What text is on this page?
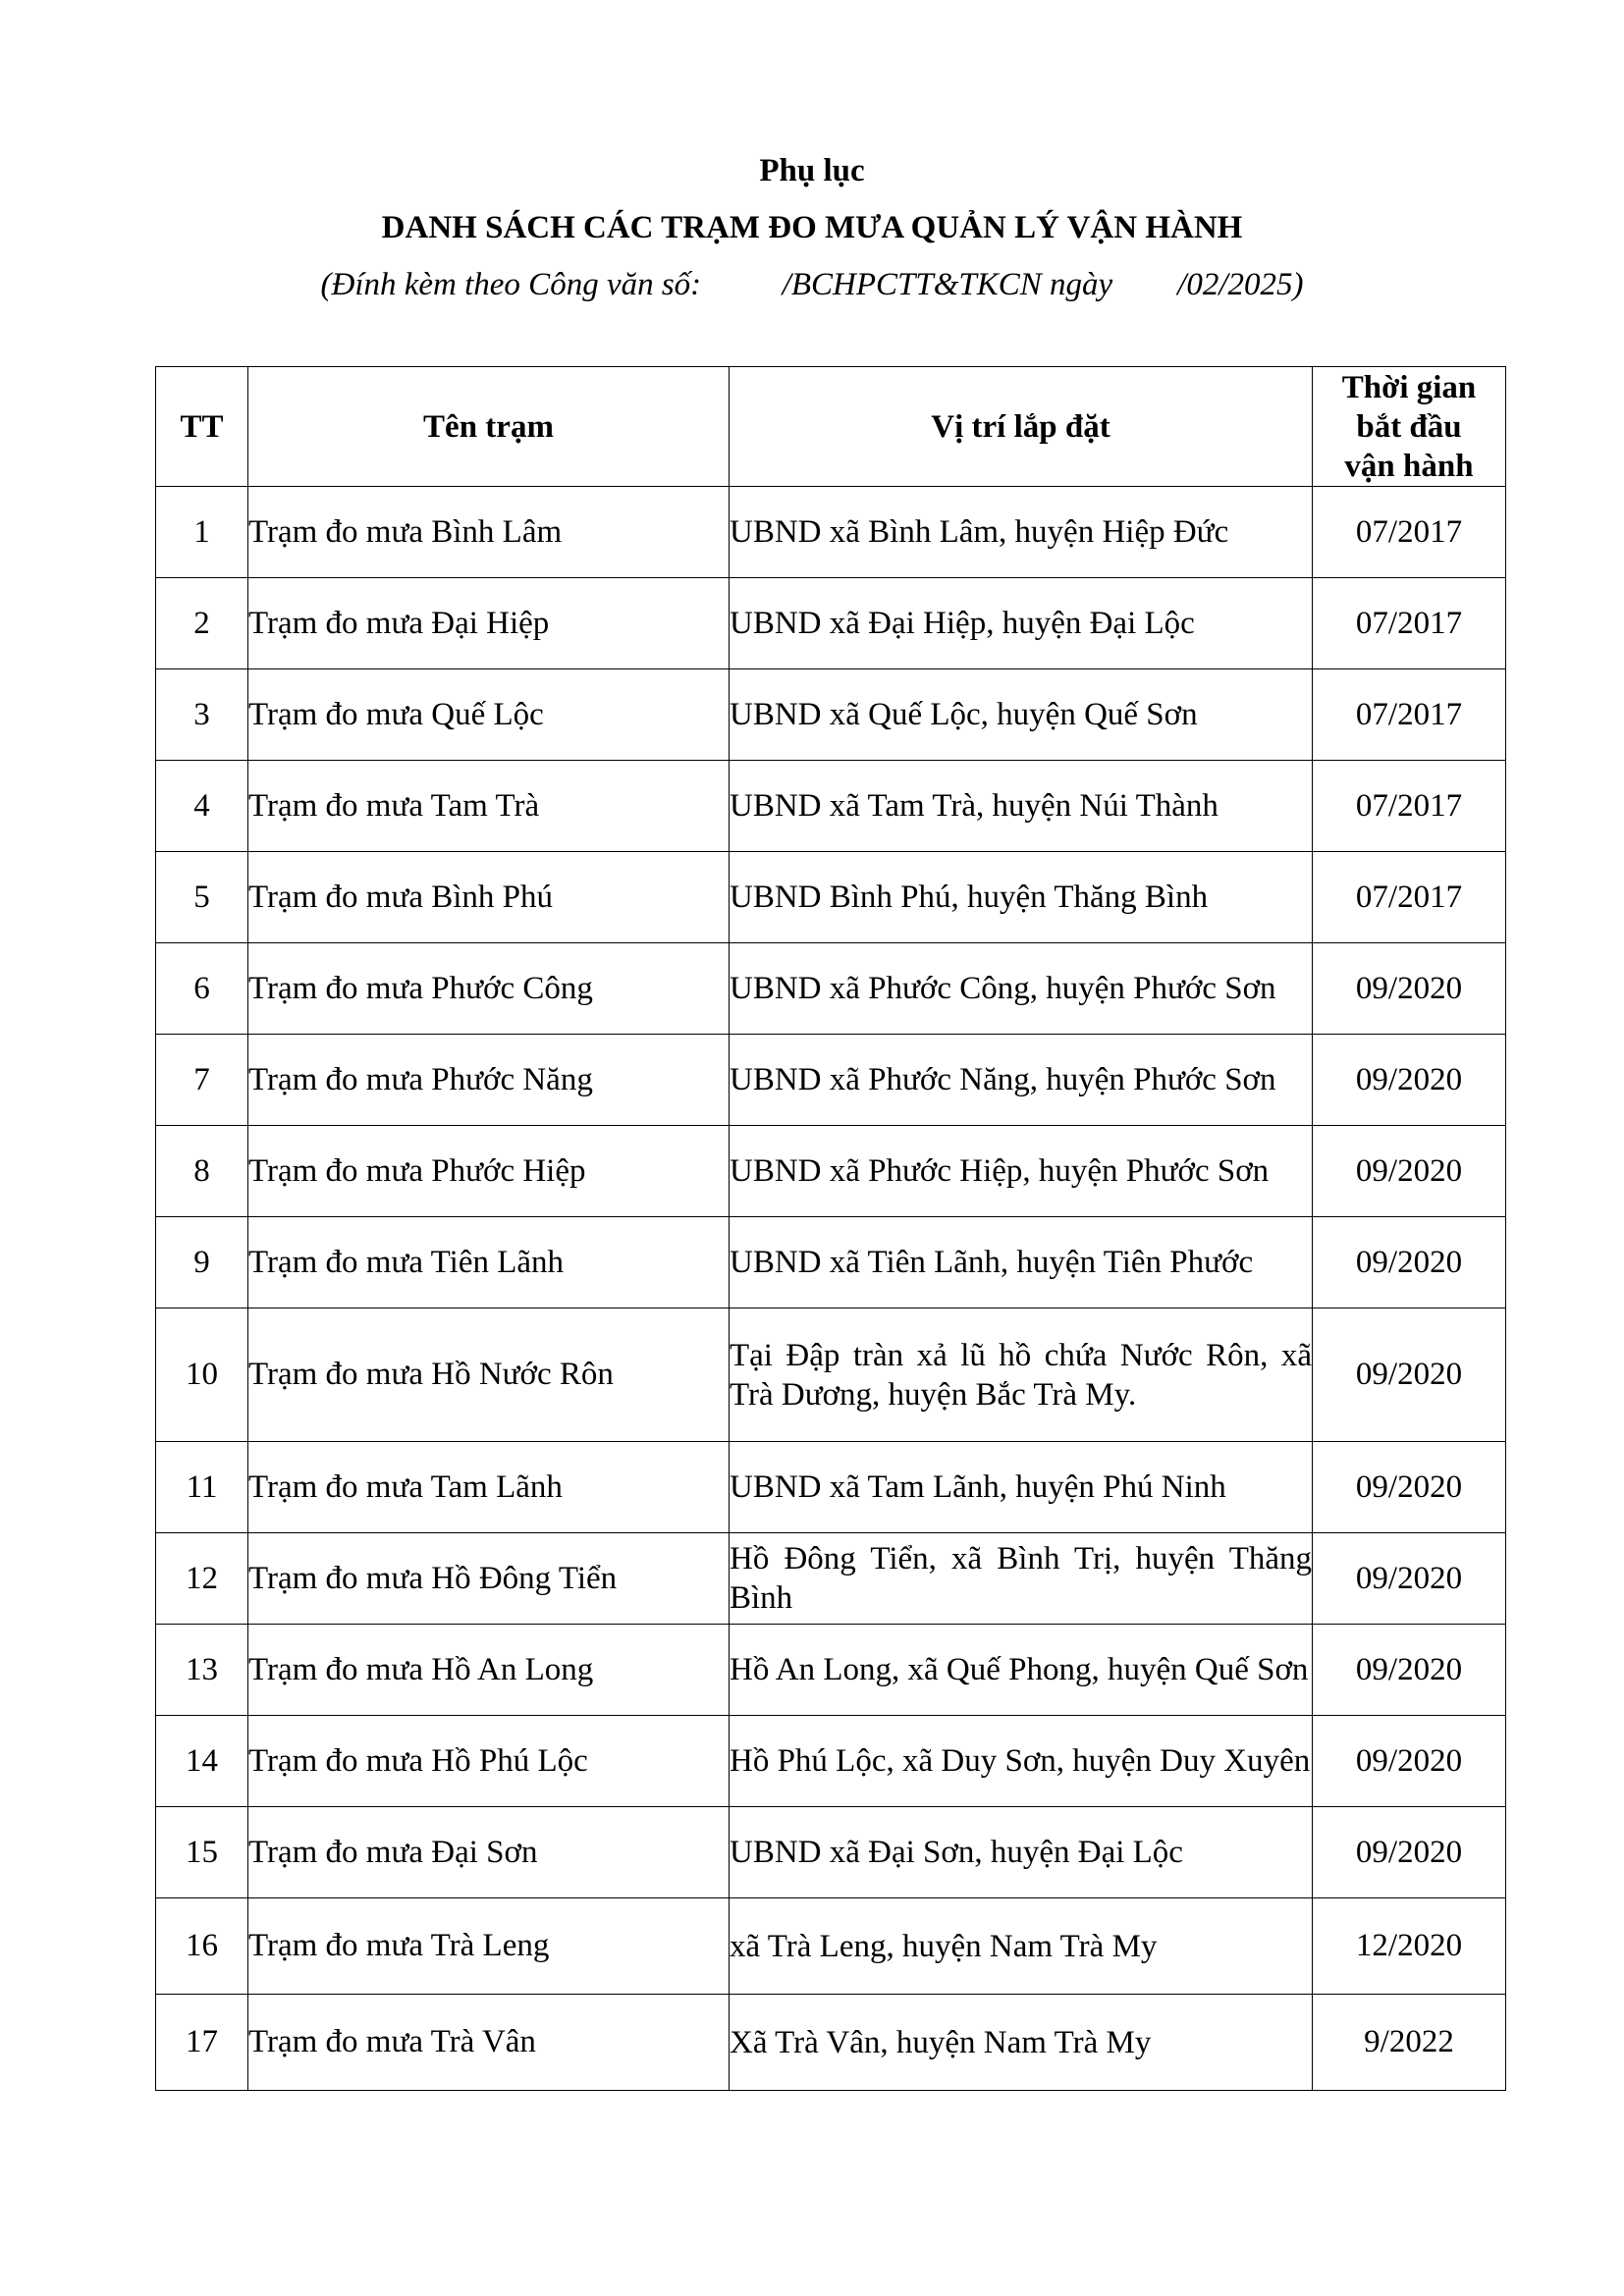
Phụ lục
DANH SÁCH CÁC TRẠM ĐO MƯA QUẢN LÝ VẬN HÀNH
(Đính kèm theo Công văn số:	/BCHPCTT&TKCN ngày /02/2025)
TT	Tên trạm	Vị trí lắp đặt	Thời gian
bắt đầu
vận hành
1	Trạm đo mưa Bình Lâm	UBND xã Bình Lâm, huyện Hiệp Đức	07/2017
2	Trạm đo mưa Đại Hiệp	UBND xã Đại Hiệp, huyện Đại Lộc	07/2017
3	Trạm đo mưa Quế Lộc	UBND xã Quế Lộc, huyện Quế Sơn	07/2017
4	Trạm đo mưa Tam Trà	UBND xã Tam Trà, huyện Núi Thành	07/2017
5	Trạm đo mưa Bình Phú	UBND Bình Phú, huyện Thăng Bình	07/2017
6	Trạm đo mưa Phước Công	UBND xã Phước Công, huyện Phước Sơn	09/2020
7	Trạm đo mưa Phước Năng	UBND xã Phước Năng, huyện Phước Sơn	09/2020
8	Trạm đo mưa Phước Hiệp	UBND xã Phước Hiệp, huyện Phước Sơn	09/2020
9	Trạm đo mưa Tiên Lãnh	UBND xã Tiên Lãnh, huyện Tiên Phước	09/2020
10	Trạm đo mưa Hồ Nước Rôn	Tại Đập tràn xả lũ hồ chứa Nước Rôn, xã Trà Dương, huyện Bắc Trà My.	09/2020
11	Trạm đo mưa Tam Lãnh	UBND xã Tam Lãnh, huyện Phú Ninh	09/2020
12	Trạm đo mưa Hồ Đông Tiển	Hồ Đông Tiển, xã Bình Trị, huyện Thăng Bình	09/2020
13	Trạm đo mưa Hồ An Long	Hồ An Long, xã Quế Phong, huyện Quế Sơn	09/2020
14	Trạm đo mưa Hồ Phú Lộc	Hồ Phú Lộc, xã Duy Sơn, huyện Duy Xuyên	09/2020
15	Trạm đo mưa Đại Sơn	UBND xã Đại Sơn, huyện Đại Lộc	09/2020
16	Trạm đo mưa Trà Leng	xã Trà Leng, huyện Nam Trà My	12/2020
17	Trạm đo mưa Trà Vân	Xã Trà Vân, huyện Nam Trà My	9/2022
